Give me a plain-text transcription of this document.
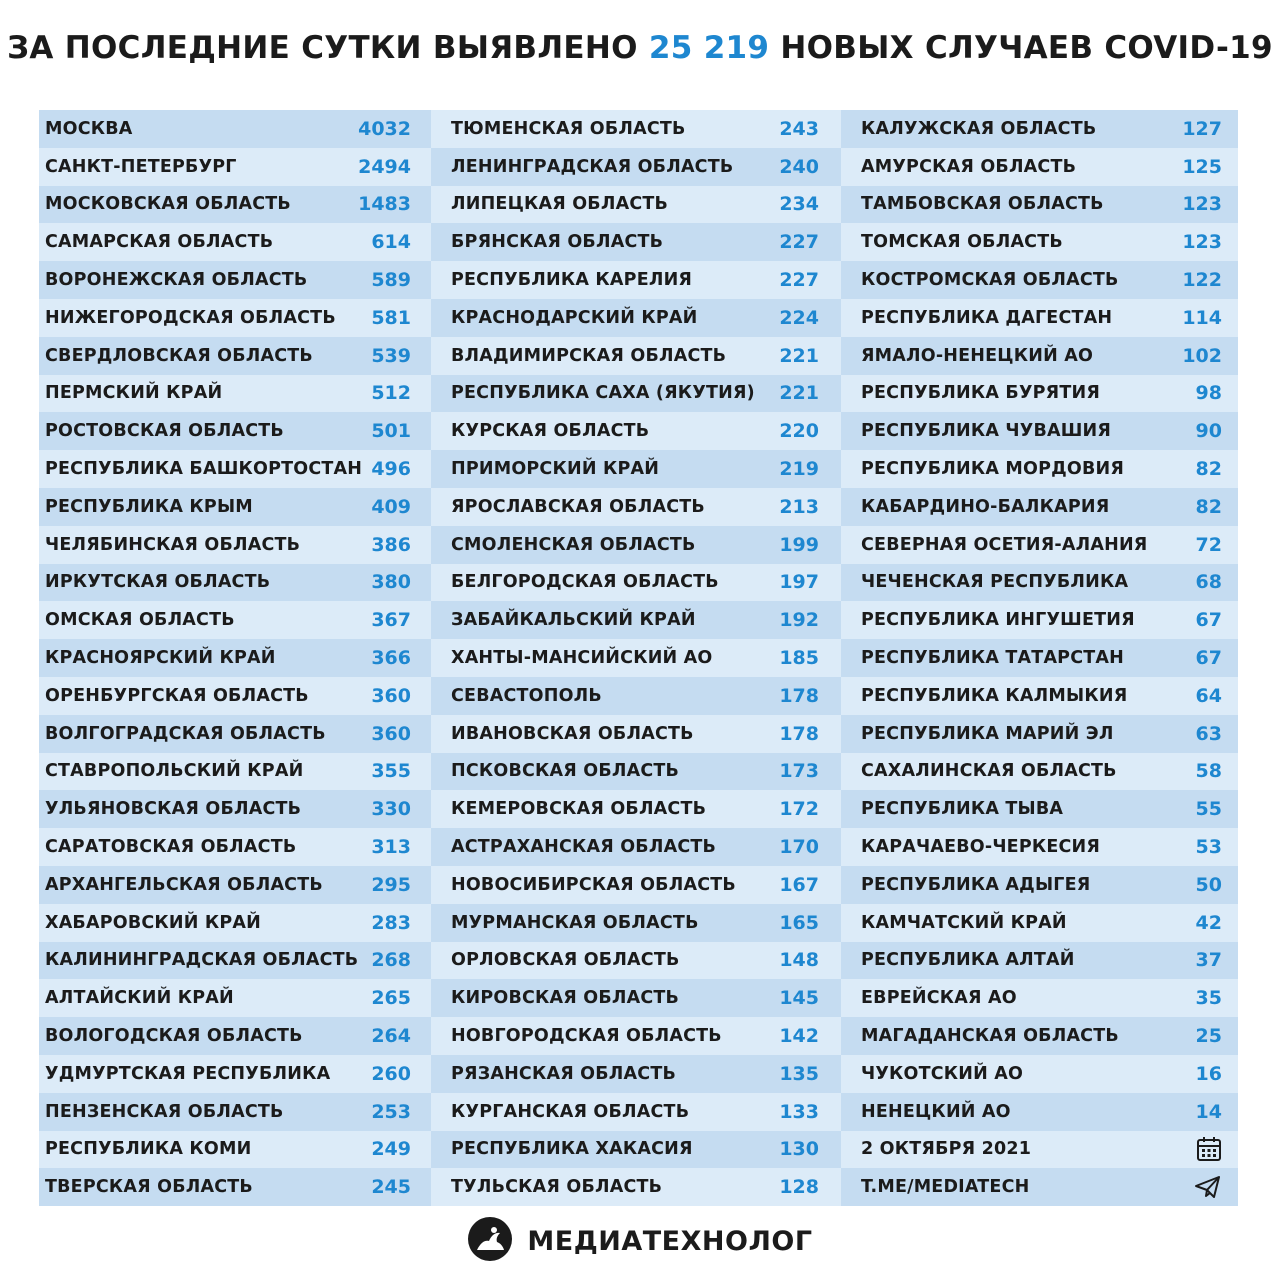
ЗА ПОСЛЕДНИЕ СУТКИ ВЫЯВЛЕНО 25 219 НОВЫХ СЛУЧАЕВ COVID-19
МОСКВА	4032
САНКТ-ПЕТЕРБУРГ	2494
МОСКОВСКАЯ ОБЛАСТЬ	1483
САМАРСКАЯ ОБЛАСТЬ	614
ВОРОНЕЖСКАЯ ОБЛАСТЬ	589
НИЖЕГОРОДСКАЯ ОБЛАСТЬ 581
СВЕРДЛОВСКАЯ ОБЛАСТЬ	539
ПЕРМСКИЙ КРАЙ	512
РОСТОВСКАЯ ОБЛАСТЬ	501
РЕСПУБЛИКА БАШКОРТОСТАН 496
РЕСПУБЛИКА КРЫМ	409
ЧЕЛЯБИНСКАЯ ОБЛАСТЬ	386
ИРКУТСКАЯ ОБЛАСТЬ	380
ОМСКАЯ ОБЛАСТЬ	367
КРАСНОЯРСКИЙ КРАЙ	366
ОРЕНБУРГСКАЯ ОБЛАСТЬ	360
ВОЛГОГРАДСКАЯ ОБЛАСТЬ 360
СТАВРОПОЛЬСКИЙ КРАЙ	355
УЛЬЯНОВСКАЯ ОБЛАСТЬ	330
САРАТОВСКАЯ ОБЛАСТЬ	313
АРХАНГЕЛЬСКАЯ ОБЛАСТЬ	295
ХАБАРОВСКИЙ КРАЙ	283
КАЛИНИНГРАДСКАЯ ОБЛАСТЬ 268
АЛТАЙСКИЙ КРАЙ	265
ВОЛОГОДСКАЯ ОБЛАСТЬ	264
УДМУРТСКАЯ РЕСПУБЛИКА 260
ПЕНЗЕНСКАЯ ОБЛАСТЬ	253
РЕСПУБЛИКА КОМИ	249
ТВЕРСКАЯ ОБЛАСТЬ	245
ТЮМЕНСКАЯ ОБЛАСТЬ	243
ЛЕНИНГРАДСКАЯ ОБЛАСТЬ 240
ЛИПЕЦКАЯ ОБЛАСТЬ	234
БРЯНСКАЯ ОБЛАСТЬ	227
РЕСПУБЛИКА КАРЕЛИЯ	227
КРАСНОДАРСКИЙ КРАЙ	224
ВЛАДИМИРСКАЯ ОБЛАСТЬ	221
РЕСПУБЛИКА САХА (ЯКУТИЯ) 221
КУРСКАЯ ОБЛАСТЬ	220
ПРИМОРСКИЙ КРАЙ	219
ЯРОСЛАВСКАЯ ОБЛАСТЬ	213
СМОЛЕНСКАЯ ОБЛАСТЬ	199
БЕЛГОРОДСКАЯ ОБЛАСТЬ	197
ЗАБАЙКАЛЬСКИЙ КРАЙ	192
ХАНТЫ-МАНСИЙСКИЙ АО	185
СЕВАСТОПОЛЬ	178
ИВАНОВСКАЯ ОБЛАСТЬ	178
ПСКОВСКАЯ ОБЛАСТЬ	173
КЕМЕРОВСКАЯ ОБЛАСТЬ	172
АСТРАХАНСКАЯ ОБЛАСТЬ	170
НОВОСИБИРСКАЯ ОБЛАСТЬ 167
МУРМАНСКАЯ ОБЛАСТЬ	165
ОРЛОВСКАЯ ОБЛАСТЬ	148
КИРОВСКАЯ ОБЛАСТЬ	145
НОВГОРОДСКАЯ ОБЛАСТЬ	142
РЯЗАНСКАЯ ОБЛАСТЬ	135
КУРГАНСКАЯ ОБЛАСТЬ	133
РЕСПУБЛИКА ХАКАСИЯ	130
ТУЛЬСКАЯ ОБЛАСТЬ	128
КАЛУЖСКАЯ ОБЛАСТЬ	127
АМУРСКАЯ ОБЛАСТЬ	125
ТАМБОВСКАЯ ОБЛАСТЬ	123
ТОМСКАЯ ОБЛАСТЬ	123
КОСТРОМСКАЯ ОБЛАСТЬ	122
РЕСПУБЛИКА ДАГЕСТАН	114
ЯМАЛО-НЕНЕЦКИЙ АО	102
РЕСПУБЛИКА БУРЯТИЯ	98
РЕСПУБЛИКА ЧУВАШИЯ	90
РЕСПУБЛИКА МОРДОВИЯ	82
КАБАРДИНО-БАЛКАРИЯ	82
СЕВЕРНАЯ ОСЕТИЯ-АЛАНИЯ	72
ЧЕЧЕНСКАЯ РЕСПУБЛИКА	68
РЕСПУБЛИКА ИНГУШЕТИЯ	67
РЕСПУБЛИКА ТАТАРСТАН	67
РЕСПУБЛИКА КАЛМЫКИЯ	64
РЕСПУБЛИКА МАРИЙ ЭЛ	63
САХАЛИНСКАЯ ОБЛАСТЬ	58
РЕСПУБЛИКА ТЫВА	55
КАРАЧАЕВО-ЧЕРКЕСИЯ	53
РЕСПУБЛИКА АДЫГЕЯ	50
КАМЧАТСКИЙ КРАЙ	42
РЕСПУБЛИКА АЛТАЙ	37
ЕВРЕЙСКАЯ АО	35
МАГАДАНСКАЯ ОБЛАСТЬ	25
ЧУКОТСКИЙ АО	16
НЕНЕЦКИЙ АО	14
2 ОКТЯБРЯ 2021
T.ME/MEDIATECH
МЕДИАТЕХНОЛОГ
